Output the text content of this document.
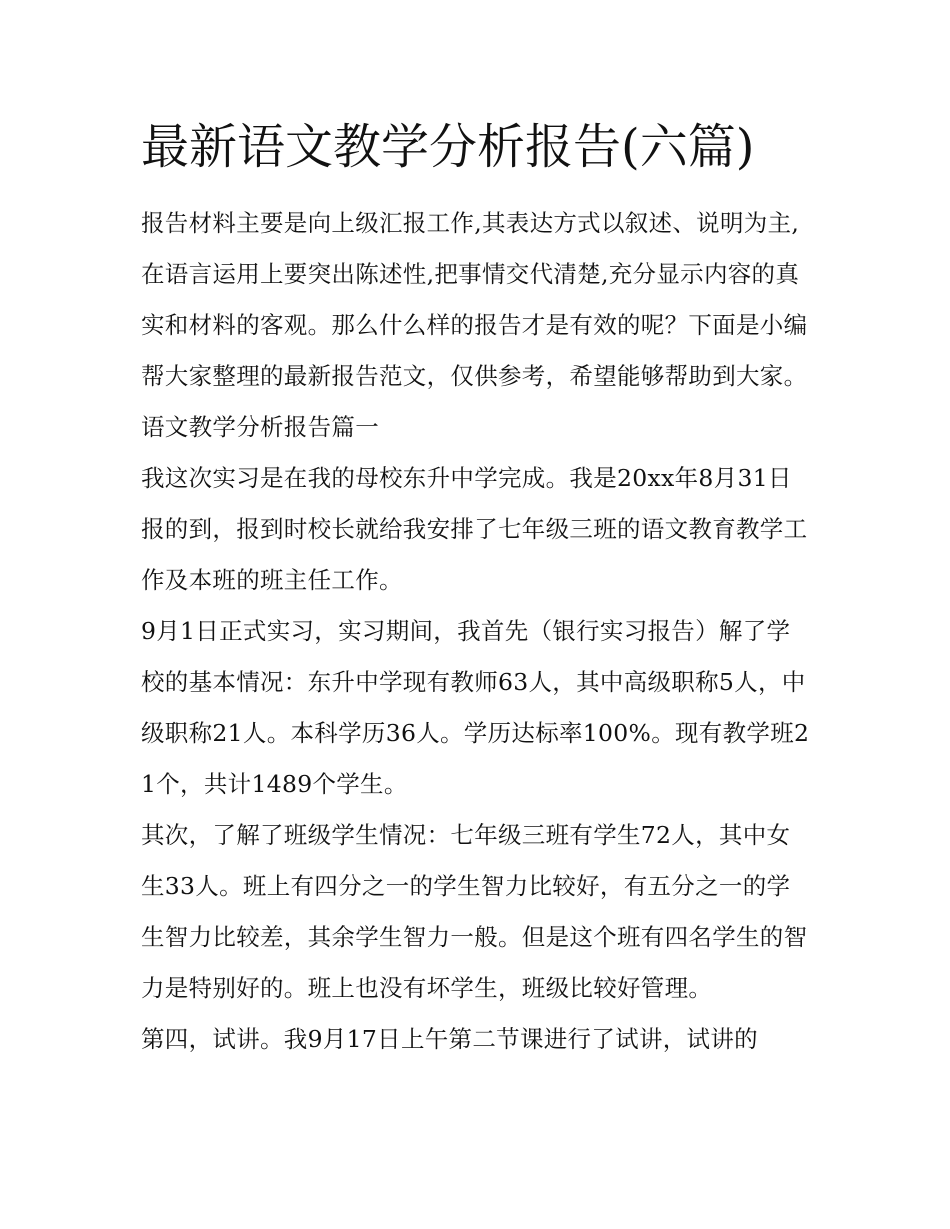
最新语文教学分析报告(六篇)

报告材料主要是向上级汇报工作,其表达方式以叙述、说明为主,在语言运用上要突出陈述性,把事情交代清楚,充分显示内容的真实和材料的客观。那么什么样的报告才是有效的呢？下面是小编帮大家整理的最新报告范文，仅供参考，希望能够帮助到大家。

语文教学分析报告篇一

我这次实习是在我的母校东升中学完成。我是20xx年8月31日报的到，报到时校长就给我安排了七年级三班的语文教育教学工作及本班的班主任工作。

9月1日正式实习，实习期间，我首先（银行实习报告）解了学校的基本情况：东升中学现有教师63人，其中高级职称5人，中级职称21人。本科学历36人。学历达标率100%。现有教学班21个，共计1489个学生。

其次，了解了班级学生情况：七年级三班有学生72人，其中女生33人。班上有四分之一的学生智力比较好，有五分之一的学生智力比较差，其余学生智力一般。但是这个班有四名学生的智力是特别好的。班上也没有坏学生，班级比较好管理。

第四，试讲。我9月17日上午第二节课进行了试讲，试讲的
